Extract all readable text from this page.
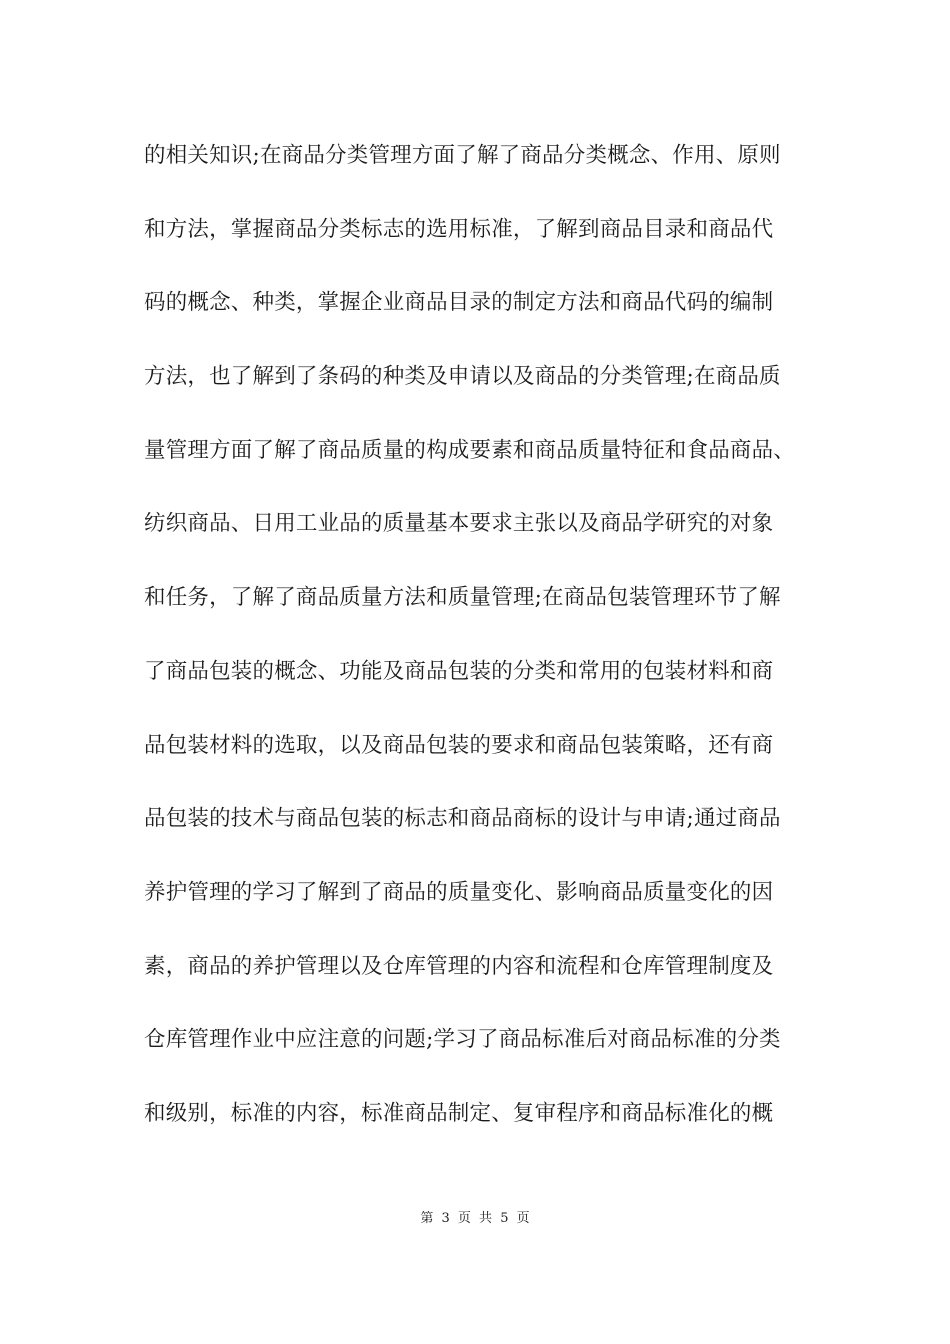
的相关知识;在商品分类管理方面了解了商品分类概念、作用、原则
和方法，掌握商品分类标志的选用标准，了解到商品目录和商品代
码的概念、种类，掌握企业商品目录的制定方法和商品代码的编制
方法，也了解到了条码的种类及申请以及商品的分类管理;在商品质
量管理方面了解了商品质量的构成要素和商品质量特征和食品商品、
纺织商品、日用工业品的质量基本要求主张以及商品学研究的对象
和任务，了解了商品质量方法和质量管理;在商品包装管理环节了解
了商品包装的概念、功能及商品包装的分类和常用的包装材料和商
品包装材料的选取，以及商品包装的要求和商品包装策略，还有商
品包装的技术与商品包装的标志和商品商标的设计与申请;通过商品
养护管理的学习了解到了商品的质量变化、影响商品质量变化的因
素，商品的养护管理以及仓库管理的内容和流程和仓库管理制度及
仓库管理作业中应注意的问题;学习了商品标准后对商品标准的分类
和级别，标准的内容，标准商品制定、复审程序和商品标准化的概
第 3 页 共 5 页
